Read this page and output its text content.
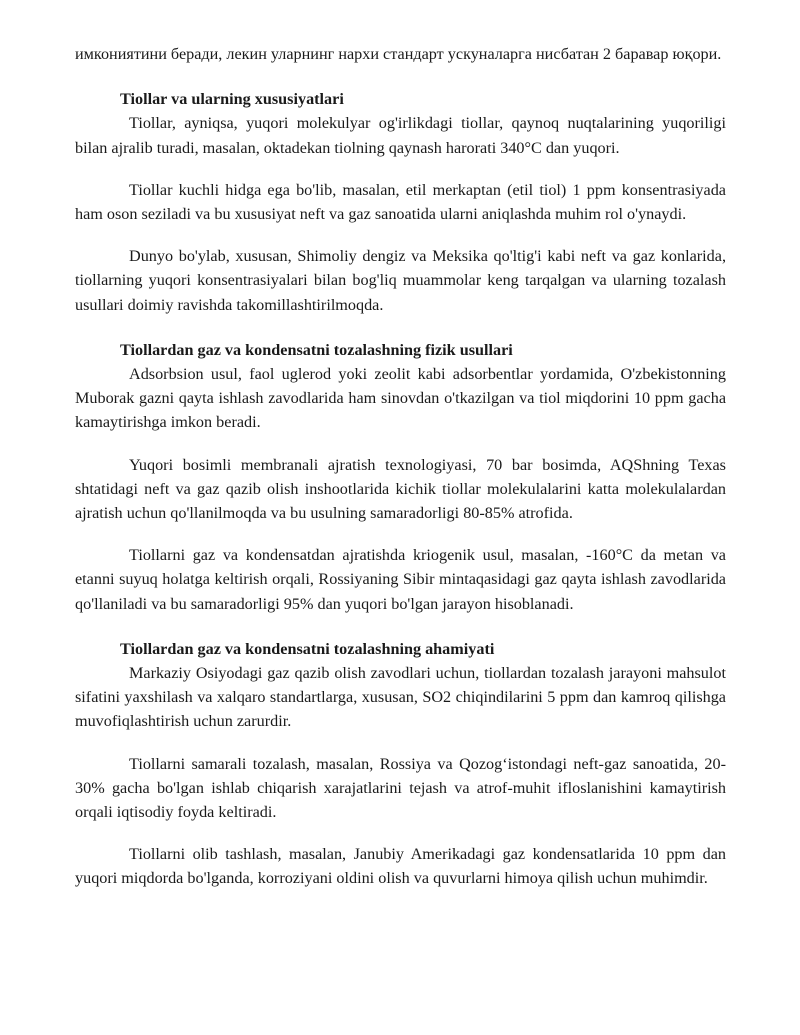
имкониятини беради, лекин уларнинг нархи стандарт ускуналарга нисбатан 2 баравар юқори.

Tiollar va ularning xususiyatlari

Tiollar, ayniqsa, yuqori molekulyar og'irlikdagi tiollar, qaynoq nuqtalarining yuqoriligi bilan ajralib turadi, masalan, oktadekan tiolning qaynash harorati 340°C dan yuqori.

Tiollar kuchli hidga ega bo'lib, masalan, etil merkaptan (etil tiol) 1 ppm konsentrasiyada ham oson seziladi va bu xususiyat neft va gaz sanoatida ularni aniqlashda muhim rol o'ynaydi.

Dunyo bo'ylab, xususan, Shimoliy dengiz va Meksika qo'ltig'i kabi neft va gaz konlarida, tiollarning yuqori konsentrasiyalari bilan bog'liq muammolar keng tarqalgan va ularning tozalash usullari doimiy ravishda takomillashtirilmoqda.

Tiollardan gaz va kondensatni tozalashning fizik usullari

Adsorbsion usul, faol uglerod yoki zeolit kabi adsorbentlar yordamida, O'zbekistonning Muborak gazni qayta ishlash zavodlarida ham sinovdan o'tkazilgan va tiol miqdorini 10 ppm gacha kamaytirishga imkon beradi.

Yuqori bosimli membranali ajratish texnologiyasi, 70 bar bosimda, AQShning Texas shtatidagi neft va gaz qazib olish inshootlarida kichik tiollar molekulalarini katta molekulalardan ajratish uchun qo'llanilmoqda va bu usulning samaradorligi 80-85% atrofida.

Tiollarni gaz va kondensatdan ajratishda kriogenik usul, masalan, -160°C da metan va etanni suyuq holatga keltirish orqali, Rossiyaning Sibir mintaqasidagi gaz qayta ishlash zavodlarida qo'llaniladi va bu samaradorligi 95% dan yuqori bo'lgan jarayon hisoblanadi.

Tiollardan gaz va kondensatni tozalashning ahamiyati

Markaziy Osiyodagi gaz qazib olish zavodlari uchun, tiollardan tozalash jarayoni mahsulot sifatini yaxshilash va xalqaro standartlarga, xususan, SO2 chiqindilarini 5 ppm dan kamroq qilishga muvofiqlashtirish uchun zarurdir.

Tiollarni samarali tozalash, masalan, Rossiya va Qozog‘istondagi neft-gaz sanoatida, 20-30% gacha bo'lgan ishlab chiqarish xarajatlarini tejash va atrof-muhit ifloslanishini kamaytirish orqali iqtisodiy foyda keltiradi.

Tiollarni olib tashlash, masalan, Janubiy Amerikadagi gaz kondensatlarida 10 ppm dan yuqori miqdorda bo'lganda, korroziyani oldini olish va quvurlarni himoya qilish uchun muhimdir.
